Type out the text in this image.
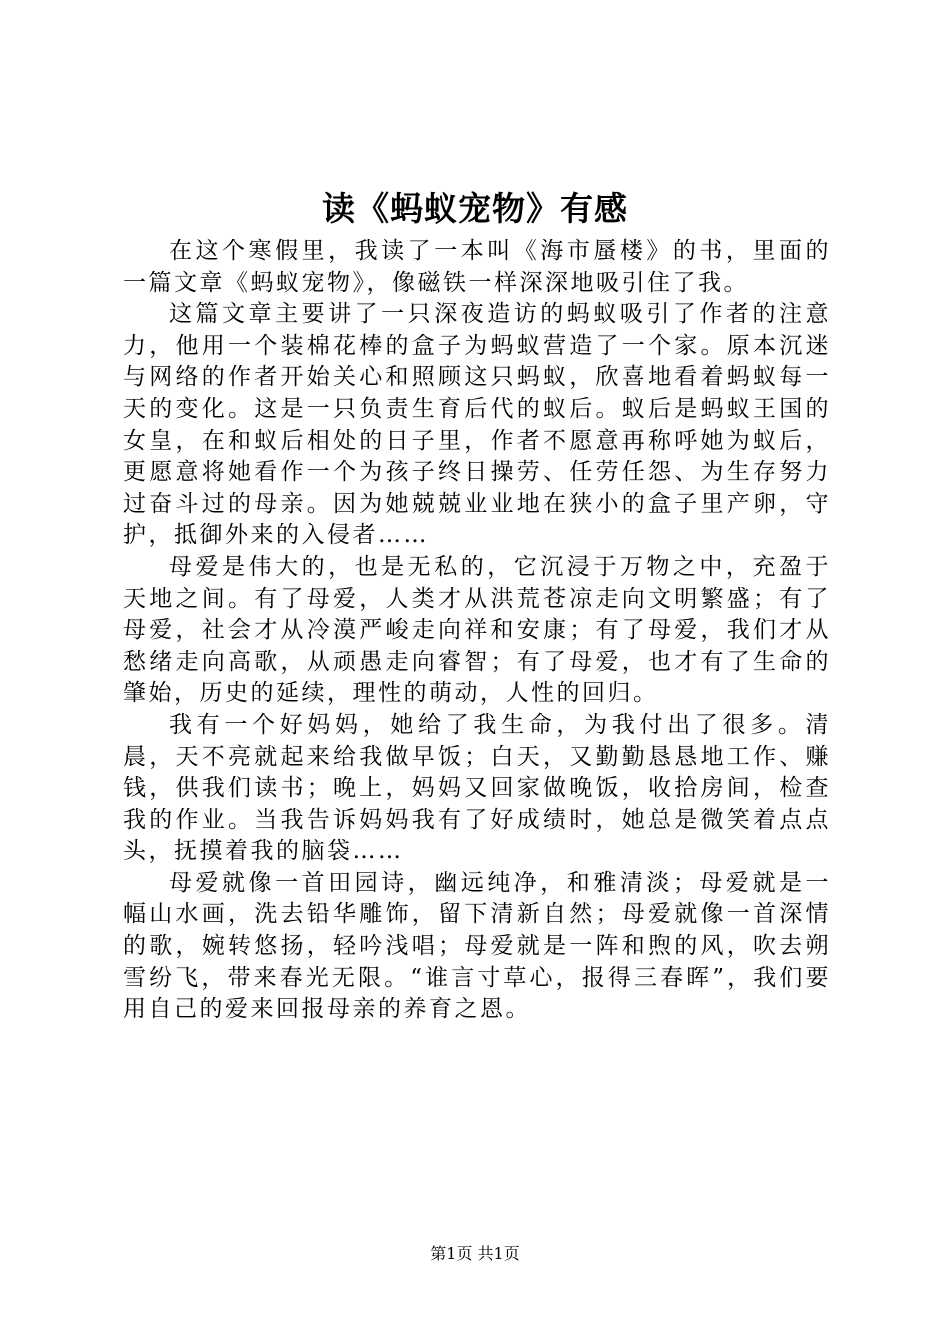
读《蚂蚁宠物》有感

在这个寒假里，我读了一本叫《海市蜃楼》的书，里面的一篇文章《蚂蚁宠物》，像磁铁一样深深地吸引住了我。

这篇文章主要讲了一只深夜造访的蚂蚁吸引了作者的注意力，他用一个装棉花棒的盒子为蚂蚁营造了一个家。原本沉迷与网络的作者开始关心和照顾这只蚂蚁，欣喜地看着蚂蚁每一天的变化。这是一只负责生育后代的蚁后。蚁后是蚂蚁王国的女皇，在和蚁后相处的日子里，作者不愿意再称呼她为蚁后，更愿意将她看作一个为孩子终日操劳、任劳任怨、为生存努力过奋斗过的母亲。因为她兢兢业业地在狭小的盒子里产卵，守护，抵御外来的入侵者……

母爱是伟大的，也是无私的，它沉浸于万物之中，充盈于天地之间。有了母爱，人类才从洪荒苍凉走向文明繁盛；有了母爱，社会才从冷漠严峻走向祥和安康；有了母爱，我们才从愁绪走向高歌，从顽愚走向睿智；有了母爱，也才有了生命的肇始，历史的延续，理性的萌动，人性的回归。

我有一个好妈妈，她给了我生命，为我付出了很多。清晨，天不亮就起来给我做早饭；白天，又勤勤恳恳地工作、赚钱，供我们读书；晚上，妈妈又回家做晚饭，收拾房间，检查我的作业。当我告诉妈妈我有了好成绩时，她总是微笑着点点头，抚摸着我的脑袋……

母爱就像一首田园诗，幽远纯净，和雅清淡；母爱就是一幅山水画，洗去铅华雕饰，留下清新自然；母爱就像一首深情的歌，婉转悠扬，轻吟浅唱；母爱就是一阵和煦的风，吹去朔雪纷飞，带来春光无限。“谁言寸草心，报得三春晖”，我们要用自己的爱来回报母亲的养育之恩。

第1页 共1页
